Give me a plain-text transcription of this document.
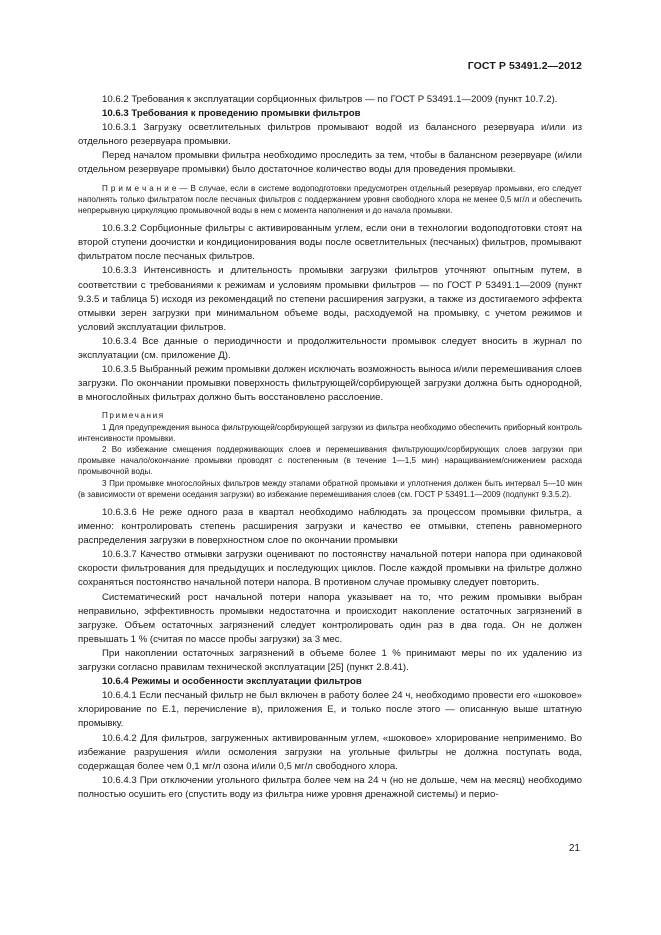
ГОСТ Р 53491.2—2012

10.6.2 Требования к эксплуатации сорбционных фильтров — по ГОСТ Р 53491.1—2009 (пункт 10.7.2).

10.6.3 Требования к проведению промывки фильтров

10.6.3.1 Загрузку осветлительных фильтров промывают водой из балансного резервуара и/или из отдельного резервуара промывки.

Перед началом промывки фильтра необходимо проследить за тем, чтобы в балансном резервуаре (и/или отдельном резервуаре промывки) было достаточное количество воды для проведения промывки.

П р и м е ч а н и е — В случае, если в системе водоподготовки предусмотрен отдельный резервуар промывки, его следует наполнять только фильтратом после песчаных фильтров с поддержанием уровня свободного хлора не менее 0,5 мг/л и обеспечить непрерывную циркуляцию промывочной воды в нем с момента наполнения и до начала промывки.

10.6.3.2 Сорбционные фильтры с активированным углем, если они в технологии водоподготовки стоят на второй ступени доочистки и кондиционирования воды после осветлительных (песчаных) фильтров, промывают фильтратом после песчаных фильтров.

10.6.3.3 Интенсивность и длительность промывки загрузки фильтров уточняют опытным путем, в соответствии с требованиями к режимам и условиям промывки фильтров — по ГОСТ Р 53491.1—2009 (пункт 9.3.5 и таблица 5) исходя из рекомендаций по степени расширения загрузки, а также из достигаемого эффекта отмывки зерен загрузки при минимальном объеме воды, расходуемой на промывку, с учетом режимов и условий эксплуатации фильтров.

10.6.3.4 Все данные о периодичности и продолжительности промывок следует вносить в журнал по эксплуатации (см. приложение Д).

10.6.3.5 Выбранный режим промывки должен исключать возможность выноса и/или перемешивания слоев загрузки. По окончании промывки поверхность фильтрующей/сорбирующей загрузки должна быть однородной, в многослойных фильтрах должно быть восстановлено расслоение.

Примечания

1 Для предупреждения выноса фильтрующей/сорбирующей загрузки из фильтра необходимо обеспечить приборный контроль интенсивности промывки.

2 Во избежание смещения поддерживающих слоев и перемешивания фильтрующих/сорбирующих слоев загрузки при промывке начало/окончание промывки проводят с постепенным (в течение 1—1,5 мин) наращиванием/снижением расхода промывочной воды.

3 При промывке многослойных фильтров между этапами обратной промывки и уплотнения должен быть интервал 5—10 мин (в зависимости от времени оседания загрузки) во избежание перемешивания слоев (см. ГОСТ Р 53491.1—2009 (подпункт 9.3.5.2).

10.6.3.6 Не реже одного раза в квартал необходимо наблюдать за процессом промывки фильтра, а именно: контролировать степень расширения загрузки и качество ее отмывки, степень равномерного распределения загрузки в поверхностном слое по окончании промывки

10.6.3.7 Качество отмывки загрузки оценивают по постоянству начальной потери напора при одинаковой скорости фильтрования для предыдущих и последующих циклов. После каждой промывки на фильтре должно сохраняться постоянство начальной потери напора. В противном случае промывку следует повторить.

Систематический рост начальной потери напора указывает на то, что режим промывки выбран неправильно, эффективность промывки недостаточна и происходит накопление остаточных загрязнений в загрузке. Объем остаточных загрязнений следует контролировать один раз в два года. Он не должен превышать 1 % (считая по массе пробы загрузки) за 3 мес.

При накоплении остаточных загрязнений в объеме более 1 % принимают меры по их удалению из загрузки согласно правилам технической эксплуатации [25] (пункт 2.8.41).

10.6.4 Режимы и особенности эксплуатации фильтров

10.6.4.1 Если песчаный фильтр не был включен в работу более 24 ч, необходимо провести его «шоковое» хлорирование по Е.1, перечисление в), приложения Е, и только после этого — описанную выше штатную промывку.

10.6.4.2 Для фильтров, загруженных активированным углем, «шоковое» хлорирование неприменимо. Во избежание разрушения и/или осмоления загрузки на угольные фильтры не должна поступать вода, содержащая более чем 0,1 мг/л озона и/или 0,5 мг/л свободного хлора.

10.6.4.3 При отключении угольного фильтра более чем на 24 ч (но не дольше, чем на месяц) необходимо полностью осушить его (спустить воду из фильтра ниже уровня дренажной системы) и перио-

21
